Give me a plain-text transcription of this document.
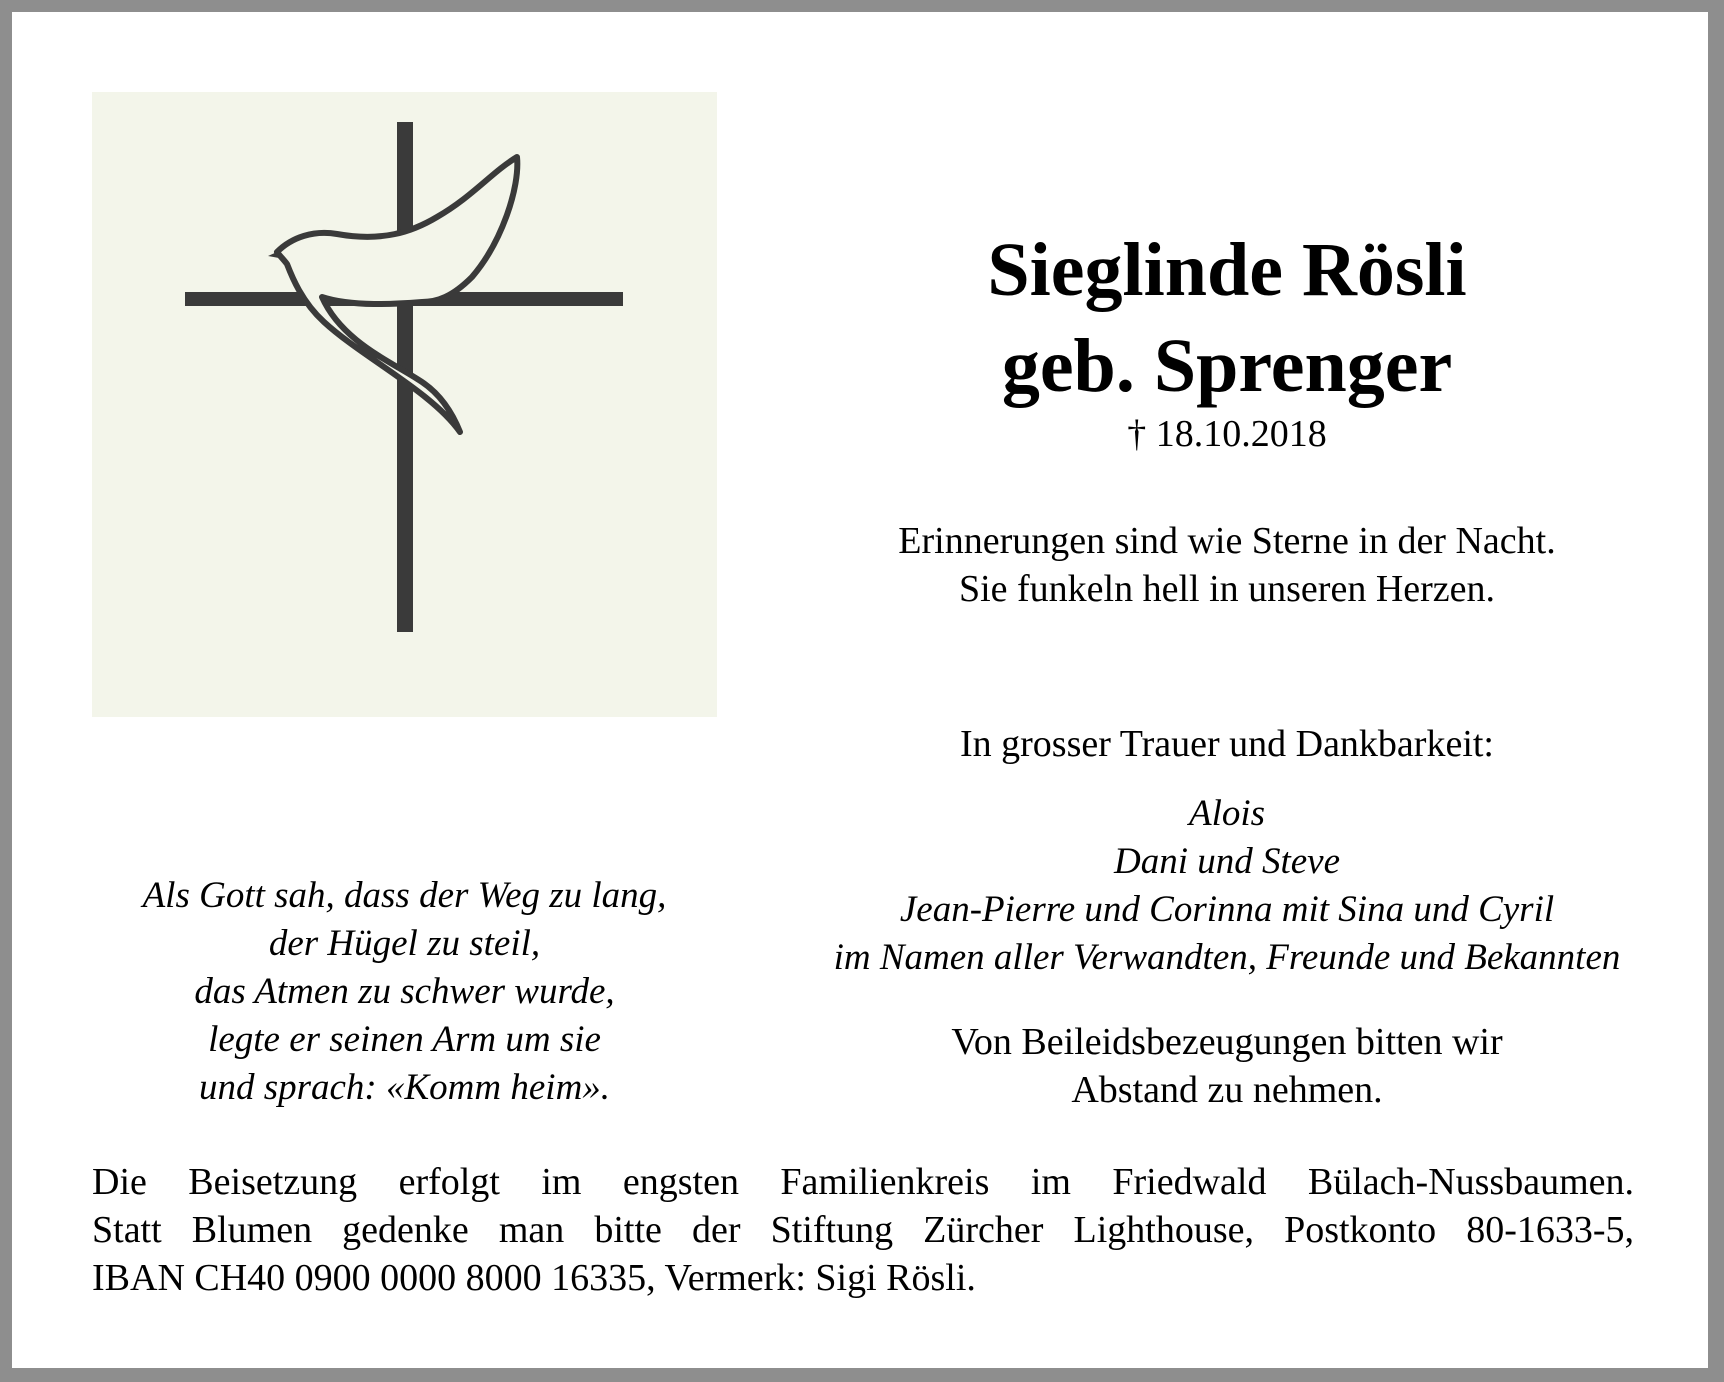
Sieglinde Rösli
geb. Sprenger
† 18.10.2018
Erinnerungen sind wie Sterne in der Nacht.
Sie funkeln hell in unseren Herzen.
In grosser Trauer und Dankbarkeit:
Alois
Dani und Steve
Jean-Pierre und Corinna mit Sina und Cyril
im Namen aller Verwandten, Freunde und Bekannten
Von Beileidsbezeugungen bitten wir
Abstand zu nehmen.
Als Gott sah, dass der Weg zu lang,
der Hügel zu steil,
das Atmen zu schwer wurde,
legte er seinen Arm um sie
und sprach: «Komm heim».
Die Beisetzung erfolgt im engsten Familienkreis im Friedwald Bülach-Nussbaumen.
Statt Blumen gedenke man bitte der Stiftung Zürcher Lighthouse, Postkonto 80-1633-5,
IBAN CH40 0900 0000 8000 16335, Vermerk: Sigi Rösli.
